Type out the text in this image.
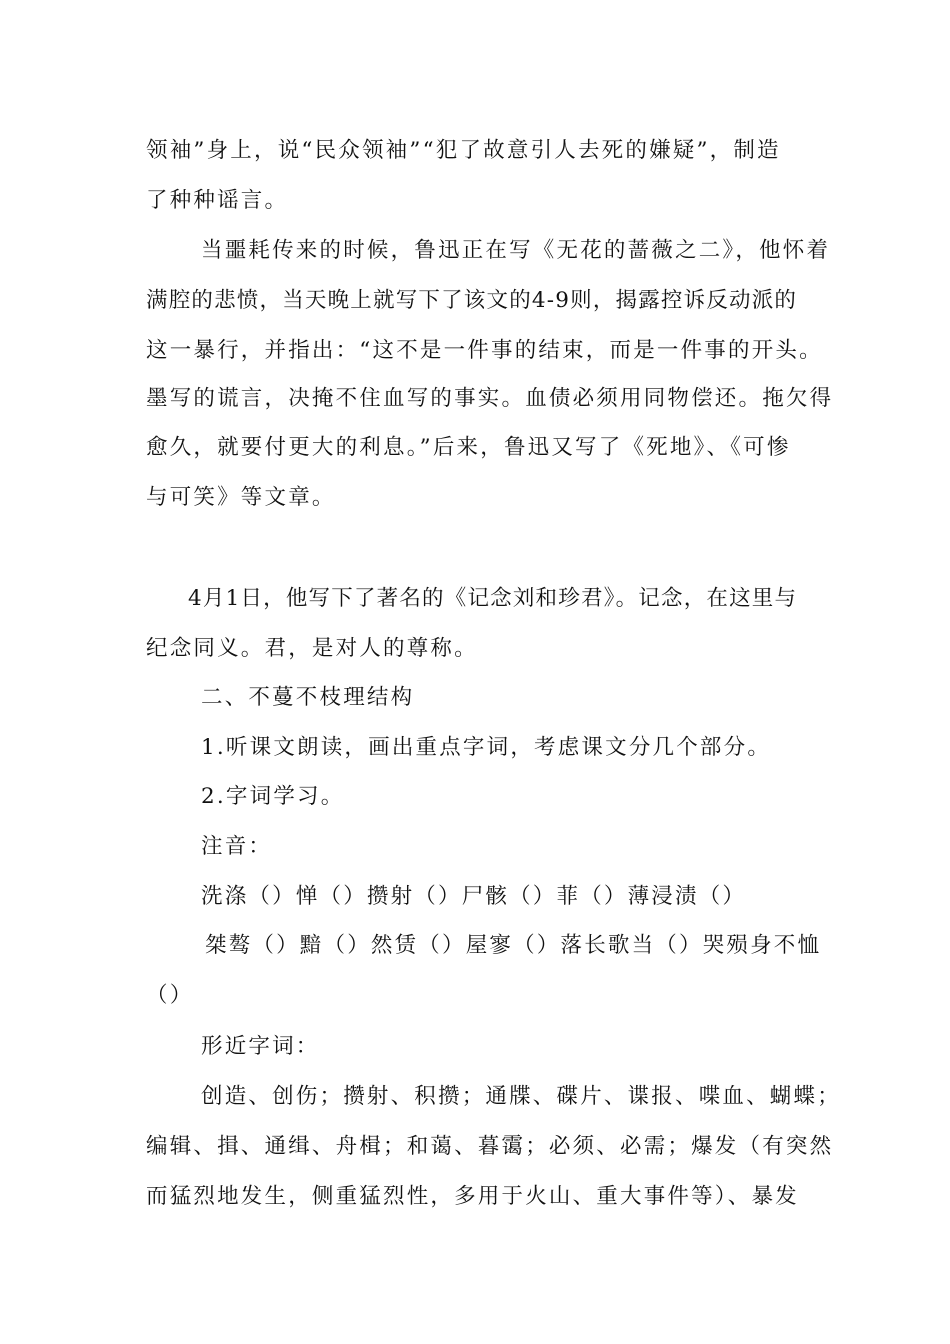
领袖”身上，说“民众领袖”“犯了故意引人去死的嫌疑”，制造
了种种谣言。
当噩耗传来的时候，鲁迅正在写《无花的蔷薇之二》，他怀着
满腔的悲愤，当天晚上就写下了该文的4-9则，揭露控诉反动派的
这一暴行，并指出：“这不是一件事的结束，而是一件事的开头。
墨写的谎言，决掩不住血写的事实。血债必须用同物偿还。拖欠得
愈久，就要付更大的利息。”后来，鲁迅又写了《死地》、《可惨
与可笑》等文章。
4月1日，他写下了著名的《记念刘和珍君》。记念，在这里与
纪念同义。君，是对人的尊称。
二、不蔓不枝理结构
1.听课文朗读，画出重点字词，考虑课文分几个部分。
2.字词学习。
注音：
洗涤（）惮（）攒射（）尸骸（）菲（）薄浸渍（）
桀骜（）黯（）然赁（）屋寥（）落长歌当（）哭殒身不恤
（）
形近字词：
创造、创伤；攒射、积攒；通牒、碟片、谍报、喋血、蝴蝶；
编辑、揖、通缉、舟楫；和蔼、暮霭；必须、必需；爆发（有突然
而猛烈地发生，侧重猛烈性，多用于火山、重大事件等）、暴发
